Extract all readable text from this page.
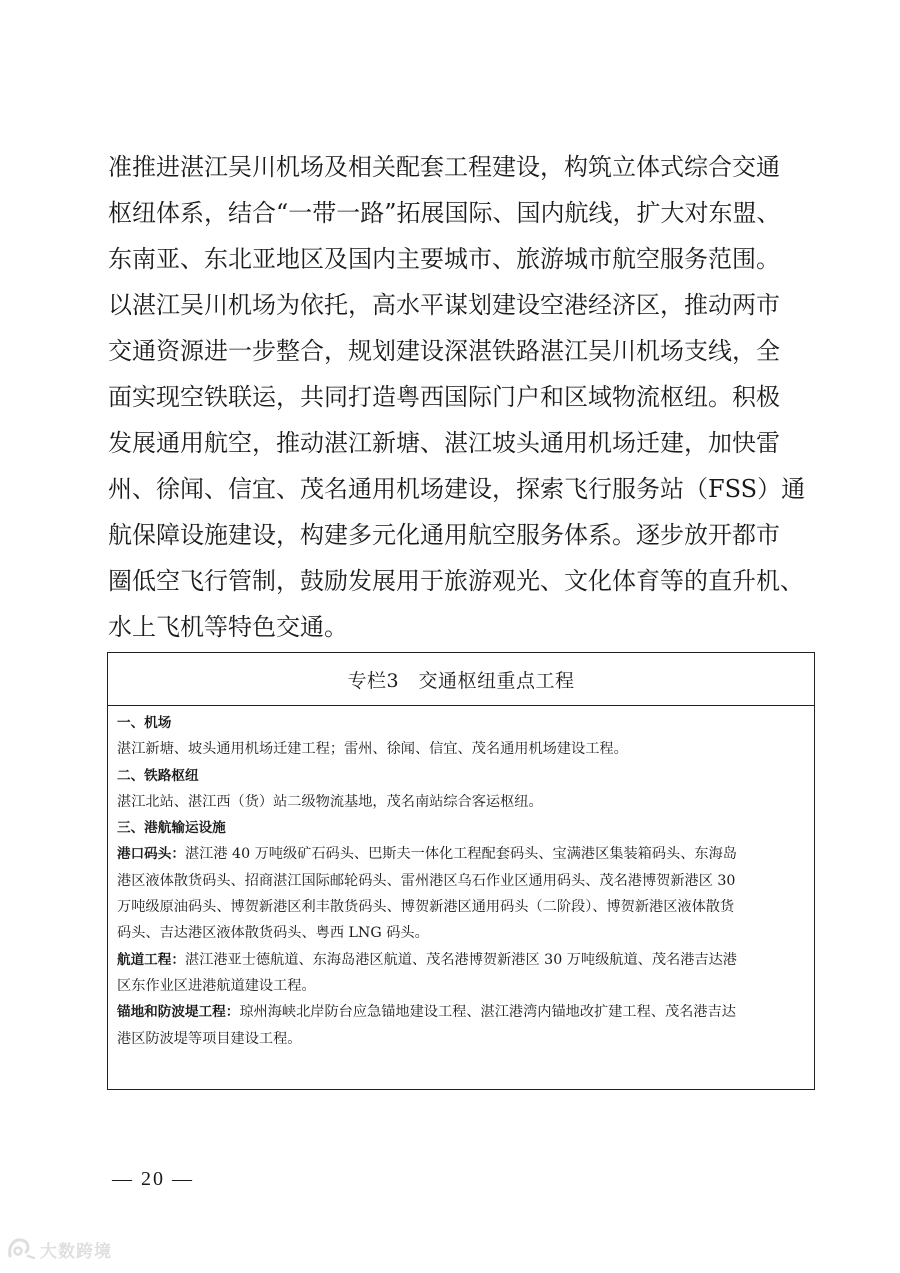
准推进湛江吴川机场及相关配套工程建设，构筑立体式综合交通
枢纽体系，结合“一带一路”拓展国际、国内航线，扩大对东盟、
东南亚、东北亚地区及国内主要城市、旅游城市航空服务范围。
以湛江吴川机场为依托，高水平谋划建设空港经济区，推动两市
交通资源进一步整合，规划建设深湛铁路湛江吴川机场支线，全
面实现空铁联运，共同打造粤西国际门户和区域物流枢纽。积极
发展通用航空，推动湛江新塘、湛江坡头通用机场迁建，加快雷
州、徐闻、信宜、茂名通用机场建设，探索飞行服务站（FSS）通
航保障设施建设，构建多元化通用航空服务体系。逐步放开都市
圈低空飞行管制，鼓励发展用于旅游观光、文化体育等的直升机、
水上飞机等特色交通。
专栏3　交通枢纽重点工程
一、机场
湛江新塘、坡头通用机场迁建工程；雷州、徐闻、信宜、茂名通用机场建设工程。
二、铁路枢纽
湛江北站、湛江西（货）站二级物流基地，茂名南站综合客运枢纽。
三、港航输运设施
港口码头：湛江港 40 万吨级矿石码头、巴斯夫一体化工程配套码头、宝满港区集装箱码头、东海岛
港区液体散货码头、招商湛江国际邮轮码头、雷州港区乌石作业区通用码头、茂名港博贺新港区 30
万吨级原油码头、博贺新港区利丰散货码头、博贺新港区通用码头（二阶段）、博贺新港区液体散货
码头、吉达港区液体散货码头、粤西 LNG 码头。
航道工程：湛江港亚士德航道、东海岛港区航道、茂名港博贺新港区 30 万吨级航道、茂名港吉达港
区东作业区进港航道建设工程。
锚地和防波堤工程：琼州海峡北岸防台应急锚地建设工程、湛江港湾内锚地改扩建工程、茂名港吉达
港区防波堤等项目建设工程。
— 20 —
大数跨境
